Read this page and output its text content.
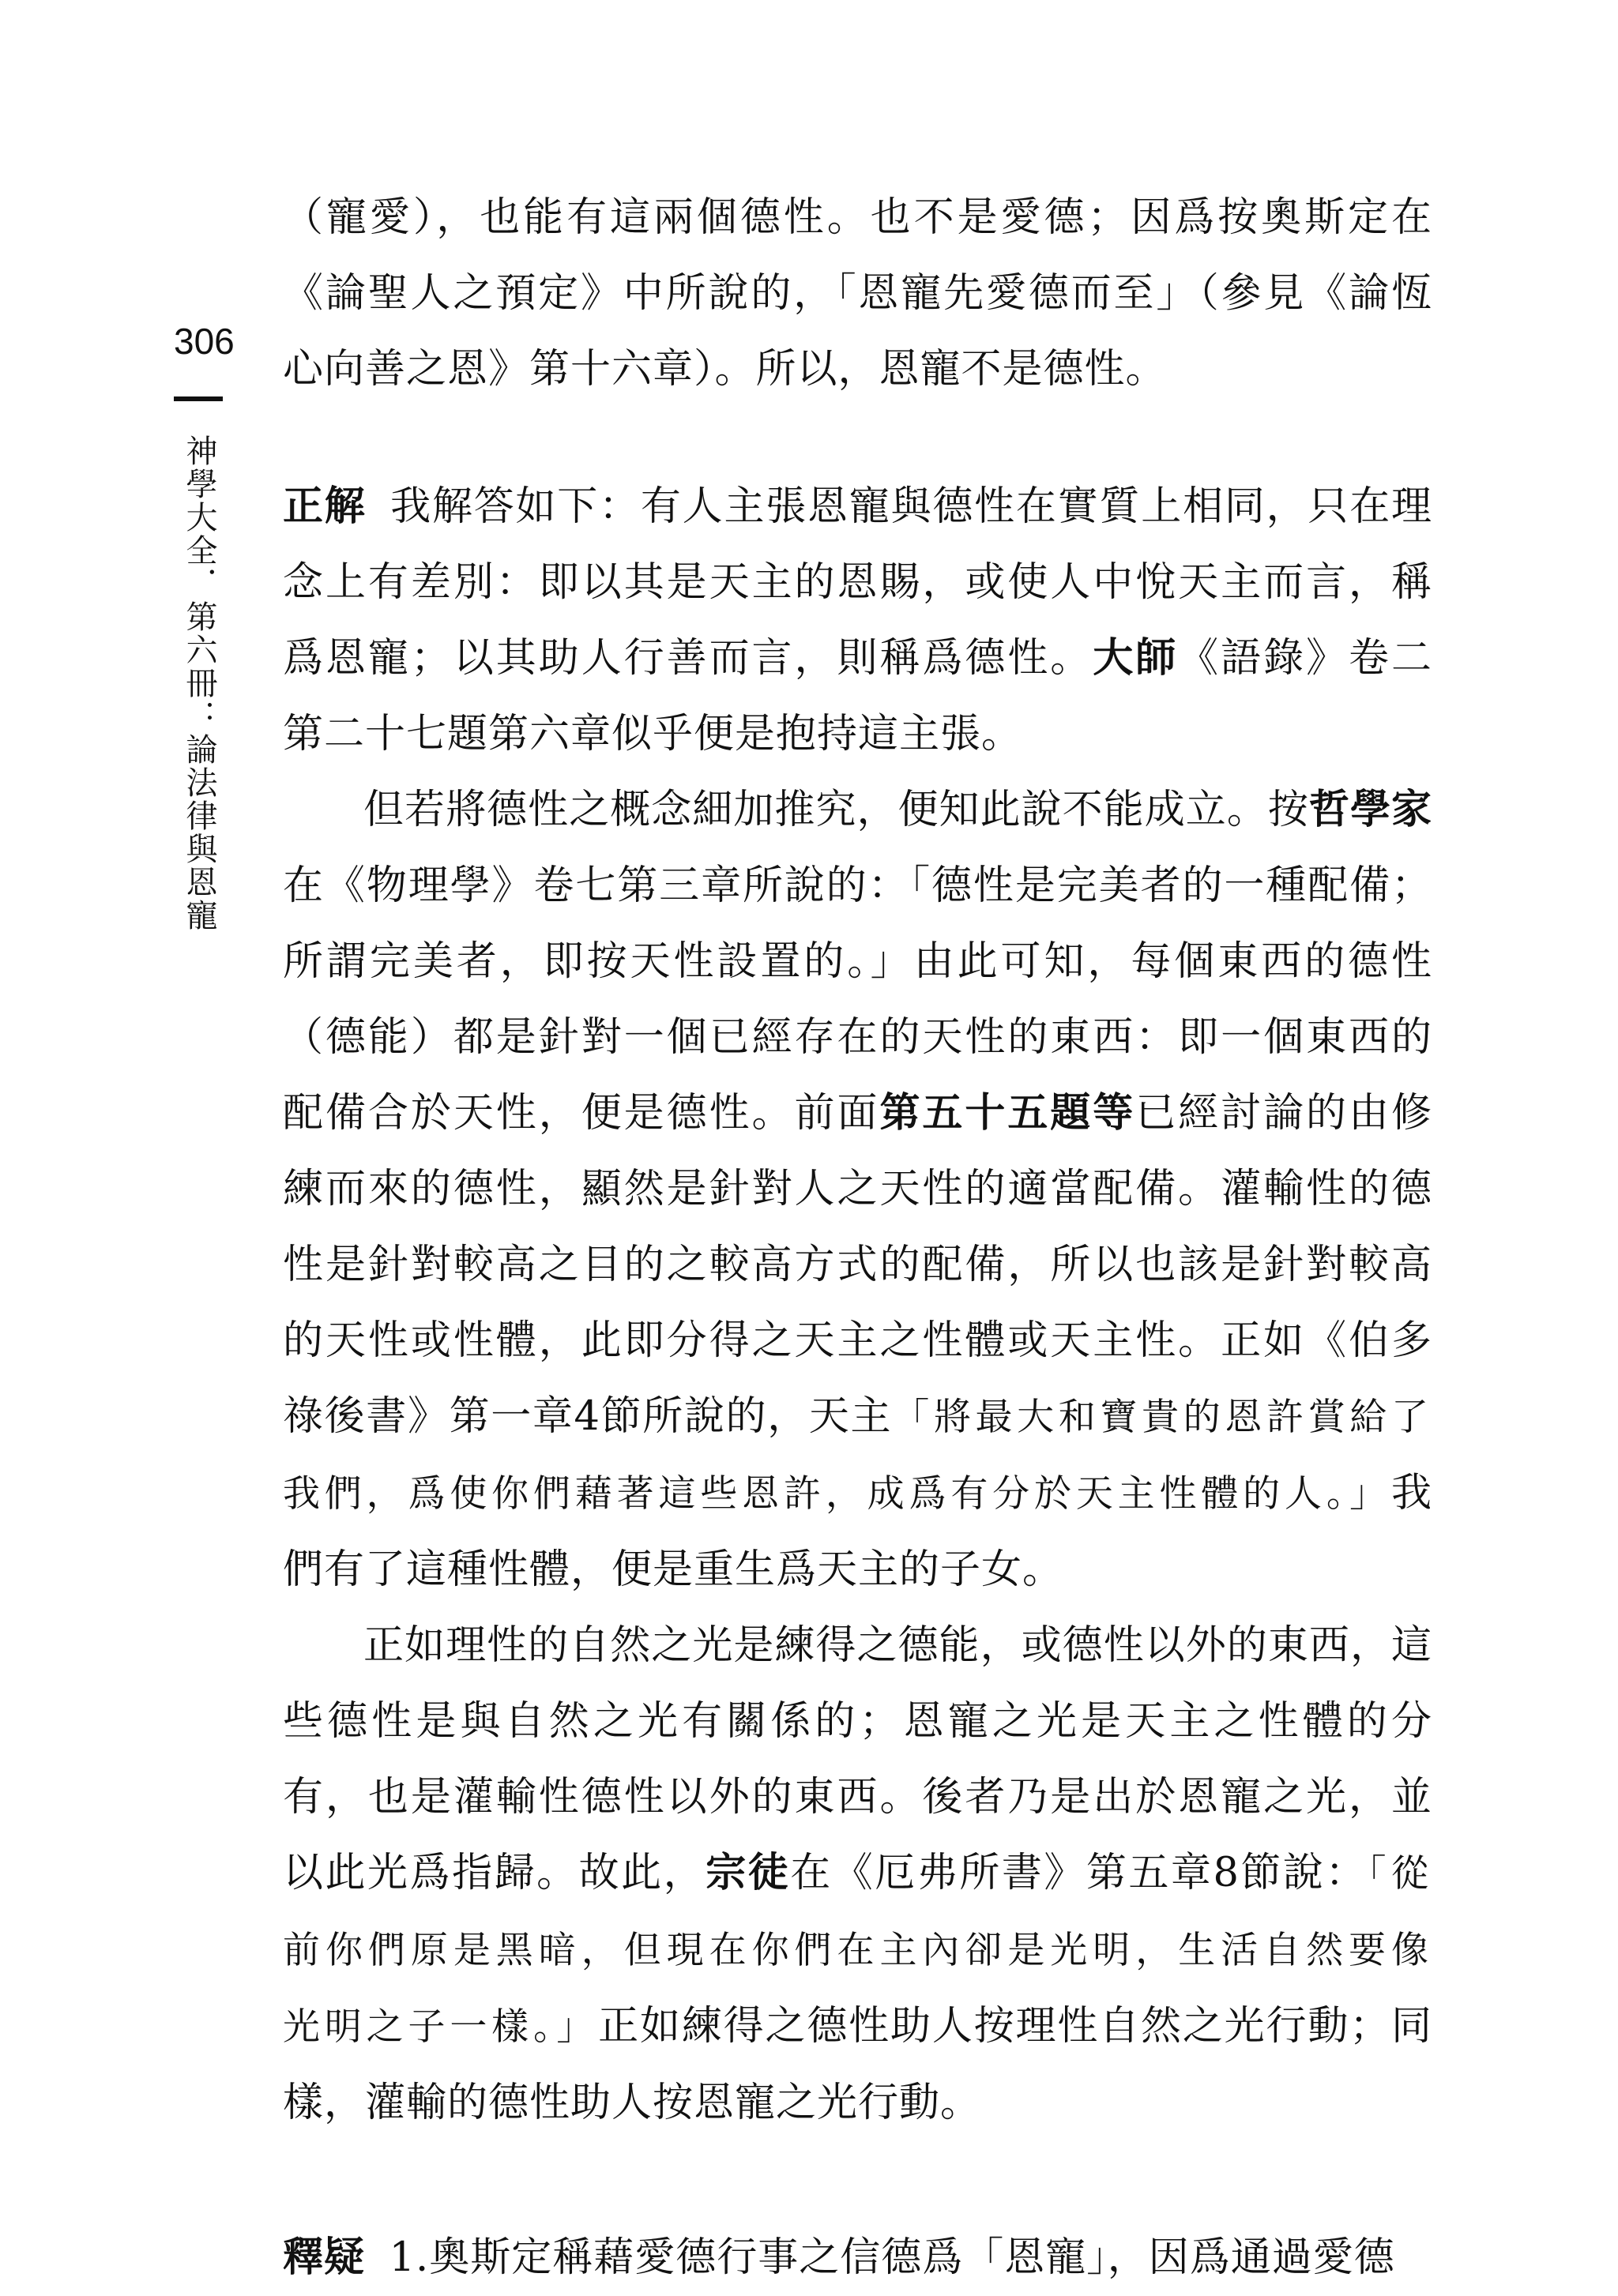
306
神學大全．第六冊：論法律與恩寵

（寵愛），也能有這兩個德性。也不是愛德；因爲按奧斯定在《論聖人之預定》中所說的，「恩寵先愛德而至」（參見《論恆心向善之恩》第十六章）。所以，恩寵不是德性。

正解 我解答如下：有人主張恩寵與德性在實質上相同，只在理念上有差別：即以其是天主的恩賜，或使人中悅天主而言，稱爲恩寵；以其助人行善而言，則稱爲德性。大師《語錄》卷二第二十七題第六章似乎便是抱持這主張。

但若將德性之概念細加推究，便知此說不能成立。按哲學家在《物理學》卷七第三章所說的：「德性是完美者的一種配備；所謂完美者，即按天性設置的。」由此可知，每個東西的德性（德能）都是針對一個已經存在的天性的東西：即一個東西的配備合於天性，便是德性。前面第五十五題等已經討論的由修練而來的德性，顯然是針對人之天性的適當配備。灌輸性的德性是針對較高之目的之較高方式的配備，所以也該是針對較高的天性或性體，此即分得之天主之性體或天主性。正如《伯多祿後書》第一章4節所說的，天主「將最大和寶貴的恩許賞給了我們，爲使你們藉著這些恩許，成爲有分於天主性體的人。」我們有了這種性體，便是重生爲天主的子女。

正如理性的自然之光是練得之德能，或德性以外的東西，這些德性是與自然之光有關係的；恩寵之光是天主之性體的分有，也是灌輸性德性以外的東西。後者乃是出於恩寵之光，並以此光爲指歸。故此，宗徒在《厄弗所書》第五章8節說：「從前你們原是黑暗，但現在你們在主內卻是光明，生活自然要像光明之子一樣。」正如練得之德性助人按理性自然之光行動；同樣，灌輸的德性助人按恩寵之光行動。

釋疑 1.奧斯定稱藉愛德行事之信德爲「恩寵」，因爲通過愛德
